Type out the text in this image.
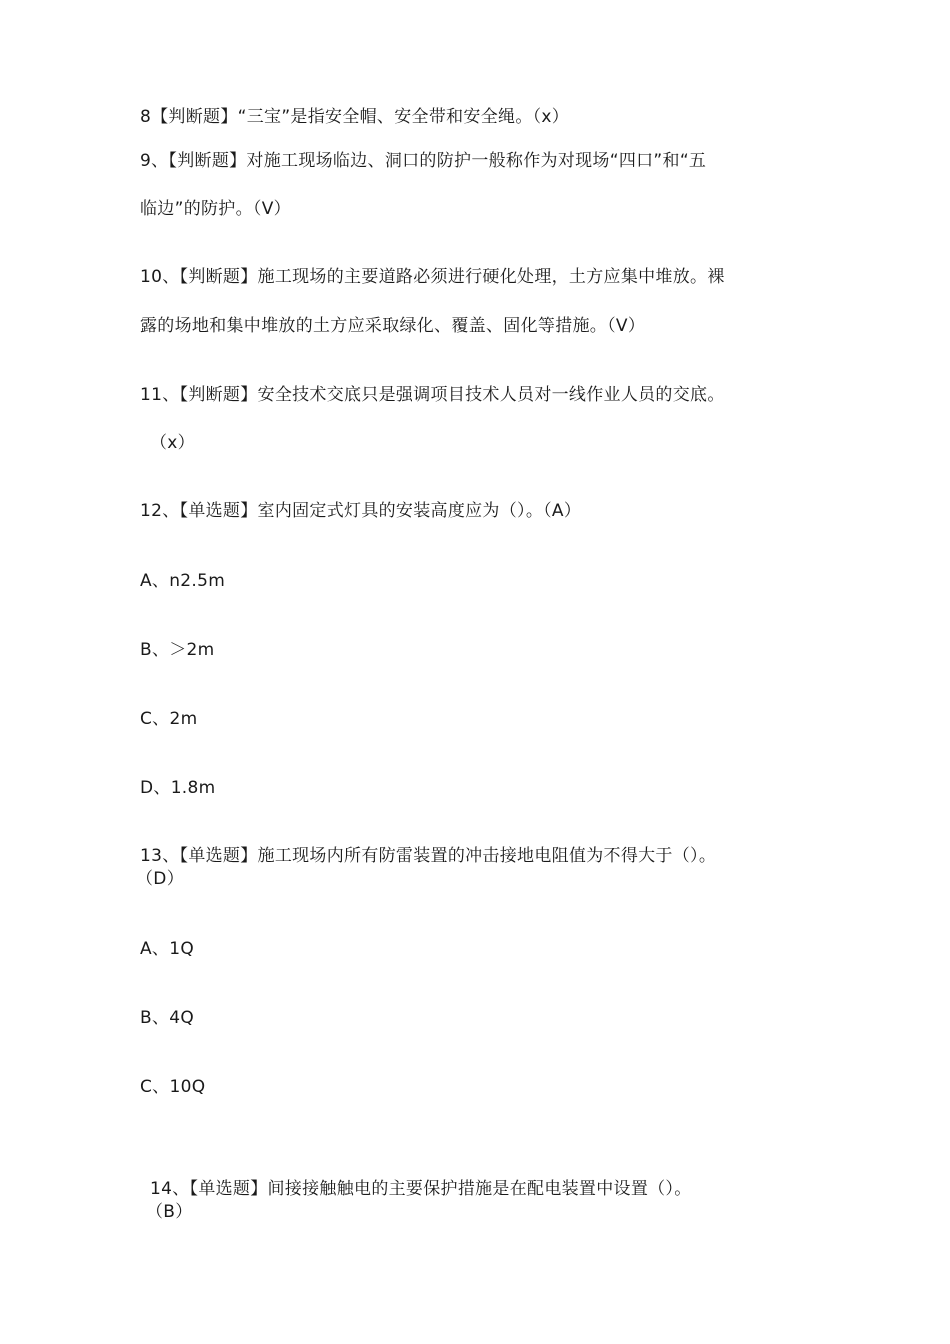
8【判断题】“三宝”是指安全帽、安全带和安全绳。（x）
9、【判断题】对施工现场临边、洞口的防护一般称作为对现场“四口”和“五
临边”的防护。（V）
10、【判断题】施工现场的主要道路必须进行硬化处理，土方应集中堆放。裸
露的场地和集中堆放的土方应采取绿化、覆盖、固化等措施。（V）
11、【判断题】安全技术交底只是强调项目技术人员对一线作业人员的交底。
（x）
12、【单选题】室内固定式灯具的安装高度应为（）。（A）
A、n2.5m
B、＞2m
C、2m
D、1.8m
13、【单选题】施工现场内所有防雷装置的冲击接地电阻值为不得大于（）。
（D）
A、1Q
B、4Q
C、10Q
14、【单选题】间接接触触电的主要保护措施是在配电装置中设置（）。
（B）
